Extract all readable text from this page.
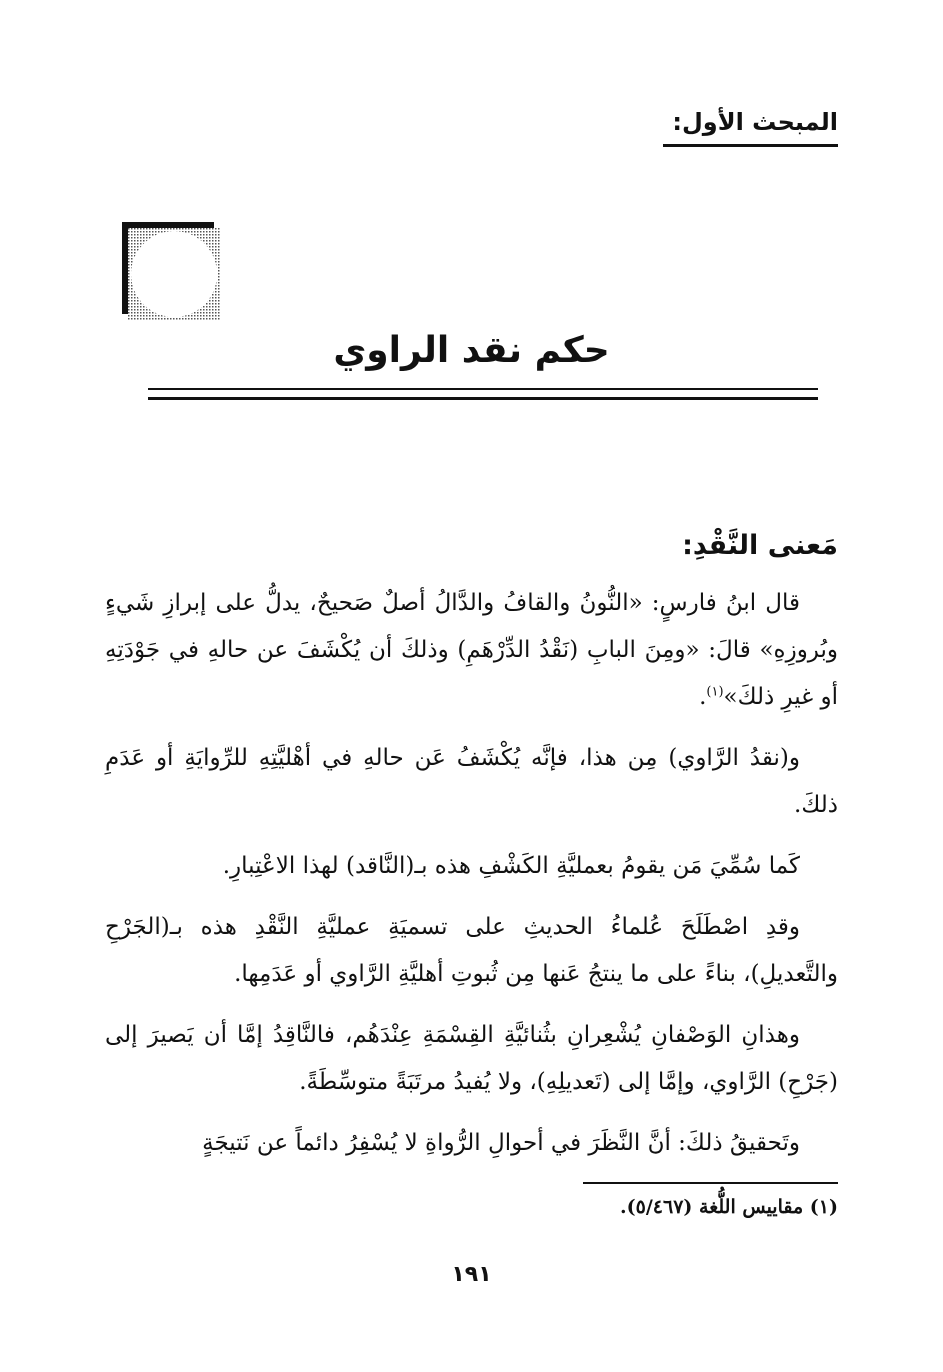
المبحث الأول:
حكم نقد الراوي
مَعنى النَّقْدِ:

قال ابنُ فارسٍ: «النُّونُ والقافُ والدَّالُ أصلٌ صَحيحٌ، يدلُّ على إبرازِ شَيءٍ وبُروزِهِ» قالَ: «ومِنَ البابِ (نَقْدُ الدِّرْهَمِ) وذلكَ أن يُكْشَفَ عن حالهِ في جَوْدَتِهِ أو غيرِ ذلكَ»$^{(١)}$.

و(نقدُ الرَّاوي) مِن هذا، فإنَّه يُكْشَفُ عَن حالهِ في أهْليَّتِهِ للرِّوايَةِ أو عَدَمِ ذلكَ.

كَما سُمِّيَ مَن يقومُ بعمليَّةِ الكَشْفِ هذه بـ(النَّاقد) لهذا الاعْتِبارِ.

وقدِ اصْطَلَحَ عُلماءُ الحديثِ على تسميَةِ عمليَّةِ النَّقْدِ هذه بـ(الجَرْحِ والتَّعديلِ)، بناءً على ما ينتجُ عَنها مِن ثُبوتِ أهليَّةِ الرَّاوي أو عَدَمِها.

وهذانِ الوَصْفانِ يُشْعِرانِ بثُنائيَّةِ القِسْمَةِ عِنْدَهُم، فالنَّاقِدُ إمَّا أن يَصيرَ إلى (جَرْحِ) الرَّاوي، وإمَّا إلى (تَعديلِهِ)، ولا يُفيدُ مرتَبَةً متوسِّطَةً.

وتَحقيقُ ذلكَ: أنَّ النَّظَرَ في أحوالِ الرُّواةِ لا يُسْفِرُ دائماً عن نَتيجَةٍ

(١) مقاييس اللُّغة (٥/٤٦٧).
١٩١
